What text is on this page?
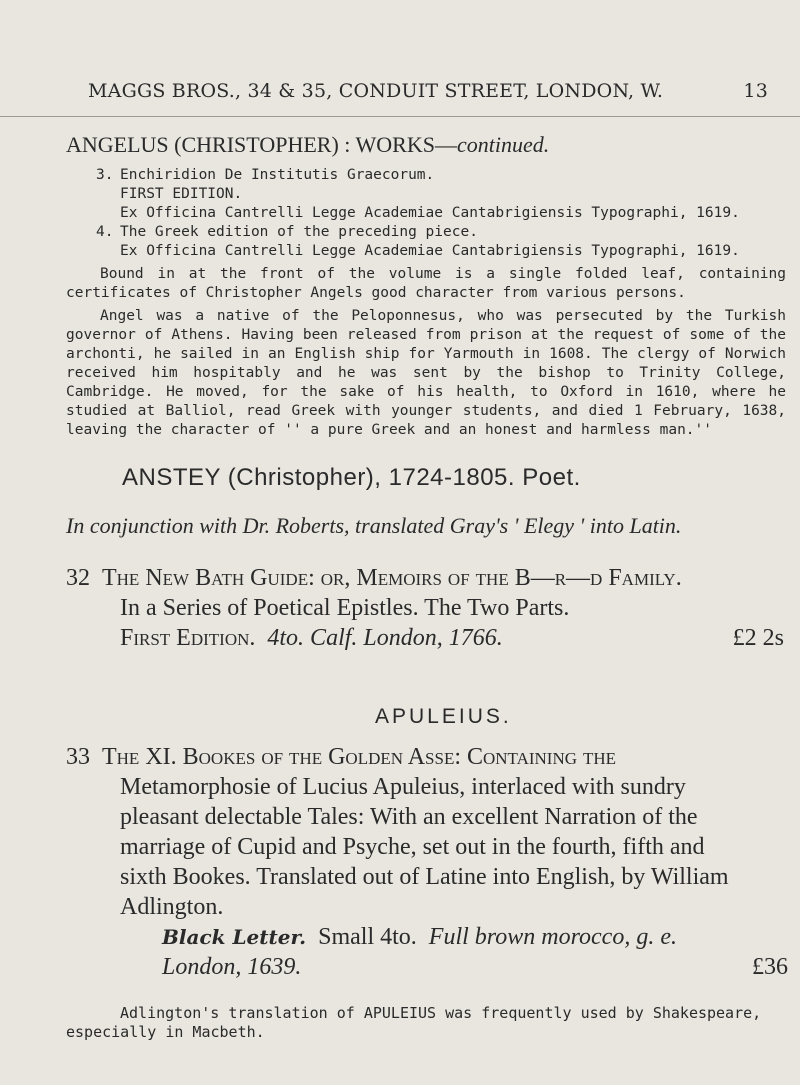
MAGGS BROS., 34 & 35, CONDUIT STREET, LONDON, W.	13
ANGELUS (CHRISTOPHER) : WORKS—continued.
3. Enchiridion De Institutis Graecorum.
FIRST EDITION.
Ex Officina Cantrelli Legge Academiae Cantabrigiensis Typographi, 1619.
4. The Greek edition of the preceding piece.
Ex Officina Cantrelli Legge Academiae Cantabrigiensis Typographi, 1619.

Bound in at the front of the volume is a single folded leaf, containing certificates of Christopher Angels good character from various persons.

Angel was a native of the Peloponnesus, who was persecuted by the Turkish governor of Athens. Having been released from prison at the request of some of the archonti, he sailed in an English ship for Yarmouth in 1608. The clergy of Norwich received him hospitably and he was sent by the bishop to Trinity College, Cambridge. He moved, for the sake of his health, to Oxford in 1610, where he studied at Balliol, read Greek with younger students, and died 1 February, 1638, leaving the character of '' a pure Greek and an honest and harmless man.''

ANSTEY (Christopher), 1724-1805. Poet.
In conjunction with Dr. Roberts, translated Gray's ' Elegy ' into Latin.
32 The New Bath Guide: or, Memoirs of the B—r—d Family.
In a Series of Poetical Epistles. The Two Parts.
First Edition. 4to. Calf. London, 1766.	£2 2s
APULEIUS.
33 The XI. Bookes of the Golden Asse: Containing the
Metamorphosie of Lucius Apuleius, interlaced with sundry
pleasant delectable Tales: With an excellent Narration of the
marriage of Cupid and Psyche, set out in the fourth, fifth and
sixth Bookes. Translated out of Latine into English, by William
Adlington.
Black Letter. Small 4to. Full brown morocco, g. e.
London, 1639.	£36
Adlington's translation of APULEIUS was frequently used by Shakespeare, especially in Macbeth.
